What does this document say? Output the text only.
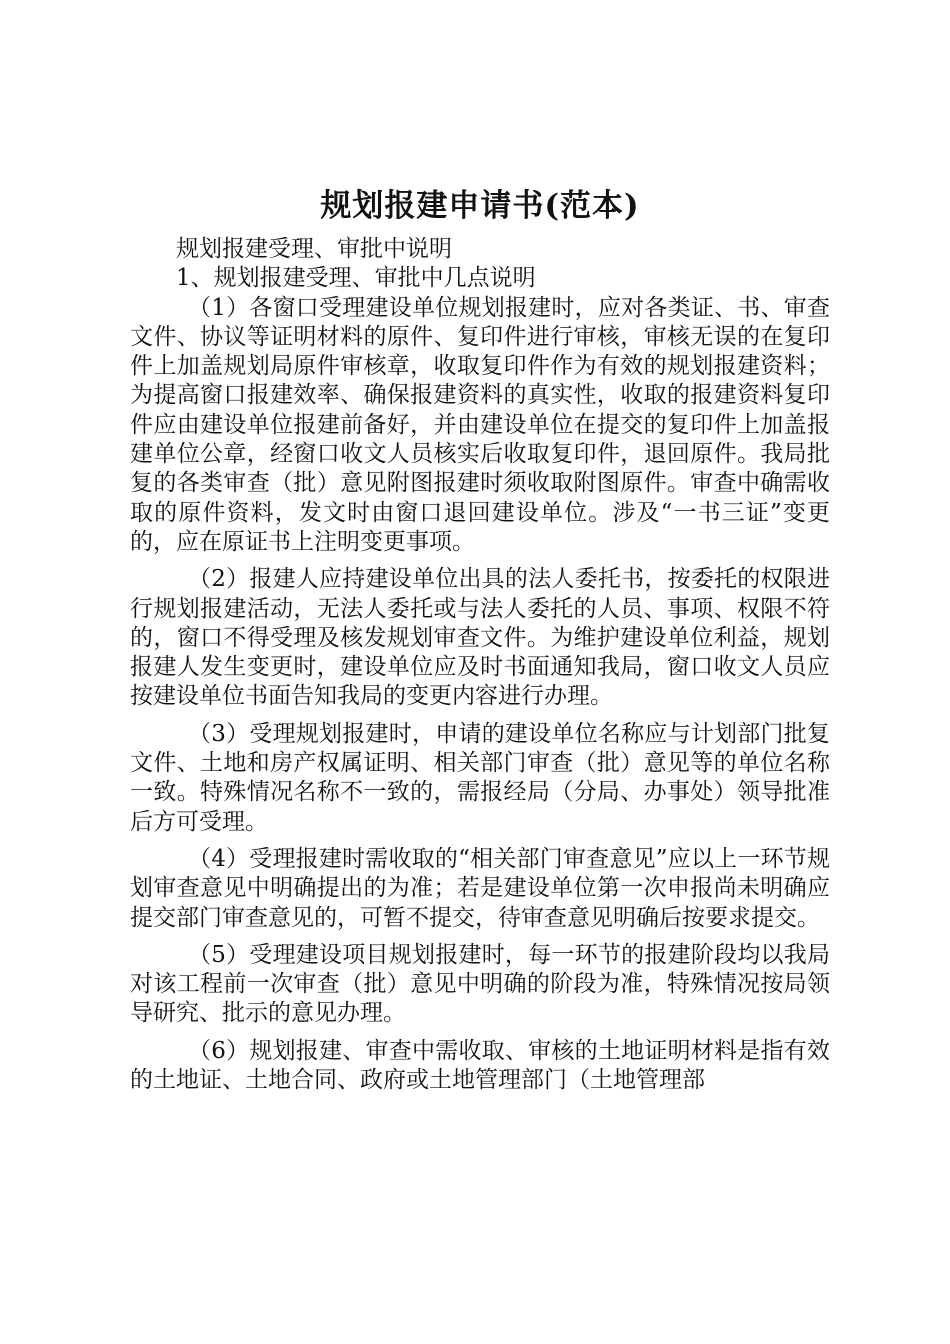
规划报建申请书(范本)

规划报建受理、审批中说明

1、规划报建受理、审批中几点说明

（1）各窗口受理建设单位规划报建时，应对各类证、书、审查文件、协议等证明材料的原件、复印件进行审核，审核无误的在复印件上加盖规划局原件审核章，收取复印件作为有效的规划报建资料；为提高窗口报建效率、确保报建资料的真实性，收取的报建资料复印件应由建设单位报建前备好，并由建设单位在提交的复印件上加盖报建单位公章，经窗口收文人员核实后收取复印件，退回原件。我局批复的各类审查（批）意见附图报建时须收取附图原件。审查中确需收取的原件资料，发文时由窗口退回建设单位。涉及“一书三证”变更的，应在原证书上注明变更事项。

（2）报建人应持建设单位出具的法人委托书，按委托的权限进行规划报建活动，无法人委托或与法人委托的人员、事项、权限不符的，窗口不得受理及核发规划审查文件。为维护建设单位利益，规划报建人发生变更时，建设单位应及时书面通知我局，窗口收文人员应按建设单位书面告知我局的变更内容进行办理。

（3）受理规划报建时，申请的建设单位名称应与计划部门批复文件、土地和房产权属证明、相关部门审查（批）意见等的单位名称一致。特殊情况名称不一致的，需报经局（分局、办事处）领导批准后方可受理。

（4）受理报建时需收取的“相关部门审查意见”应以上一环节规划审查意见中明确提出的为准；若是建设单位第一次申报尚未明确应提交部门审查意见的，可暂不提交，待审查意见明确后按要求提交。

（5）受理建设项目规划报建时，每一环节的报建阶段均以我局对该工程前一次审查（批）意见中明确的阶段为准，特殊情况按局领导研究、批示的意见办理。

（6）规划报建、审查中需收取、审核的土地证明材料是指有效的土地证、土地合同、政府或土地管理部门（土地管理部
